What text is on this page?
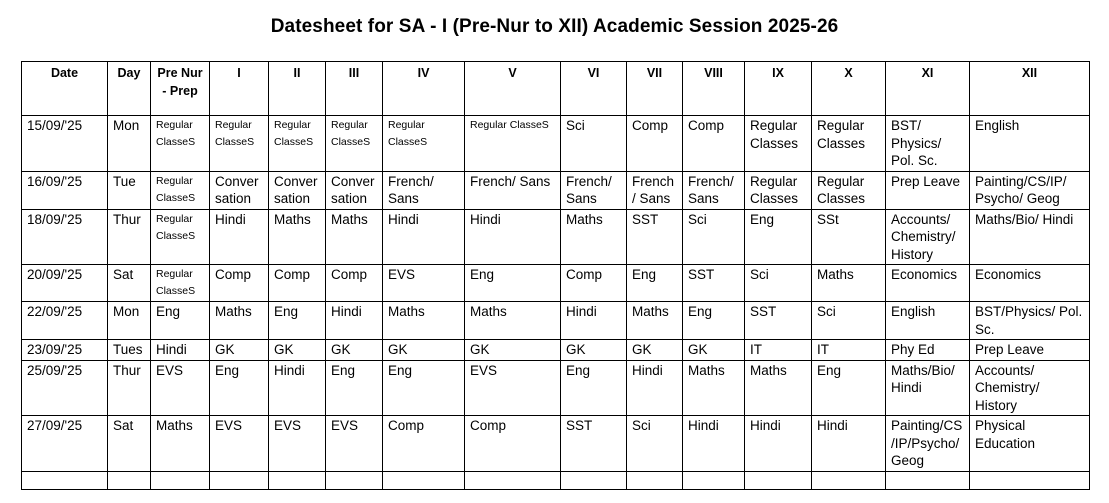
Datesheet for SA - I (Pre-Nur to XII) Academic Session 2025-26
Date	Day	Pre Nur - Prep	I	II	III	IV	V	VI	VII	VIII	IX	X	XI	XII
15/09/'25	Mon	Regular ClasseS	Regular ClasseS	Regular ClasseS	Regular ClasseS	Regular ClasseS	Regular ClasseS	Sci	Comp	Comp	Regular Classes	Regular Classes	BST/ Physics/ Pol. Sc.	English
16/09/'25	Tue	Regular ClasseS	Conver sation	Conver sation	Conver sation	French/ Sans	French/ Sans	French/ Sans	French / Sans	French/ Sans	Regular Classes	Regular Classes	Prep Leave	Painting/CS/IP/ Psycho/ Geog
18/09/'25	Thur	Regular ClasseS	Hindi	Maths	Maths	Hindi	Hindi	Maths	SST	Sci	Eng	SSt	Accounts/ Chemistry/ History	Maths/Bio/ Hindi
20/09/'25	Sat	Regular ClasseS	Comp	Comp	Comp	EVS	Eng	Comp	Eng	SST	Sci	Maths	Economics	Economics
22/09/'25	Mon	Eng	Maths	Eng	Hindi	Maths	Maths	Hindi	Maths	Eng	SST	Sci	English	BST/Physics/ Pol. Sc.
23/09/'25	Tues	Hindi	GK	GK	GK	GK	GK	GK	GK	GK	IT	IT	Phy Ed	Prep Leave
25/09/'25	Thur	EVS	Eng	Hindi	Eng	Eng	EVS	Eng	Hindi	Maths	Maths	Eng	Maths/Bio/ Hindi	Accounts/ Chemistry/ History
27/09/'25	Sat	Maths	EVS	EVS	EVS	Comp	Comp	SST	Sci	Hindi	Hindi	Hindi	Painting/CS /IP/Psycho/ Geog	Physical Education
